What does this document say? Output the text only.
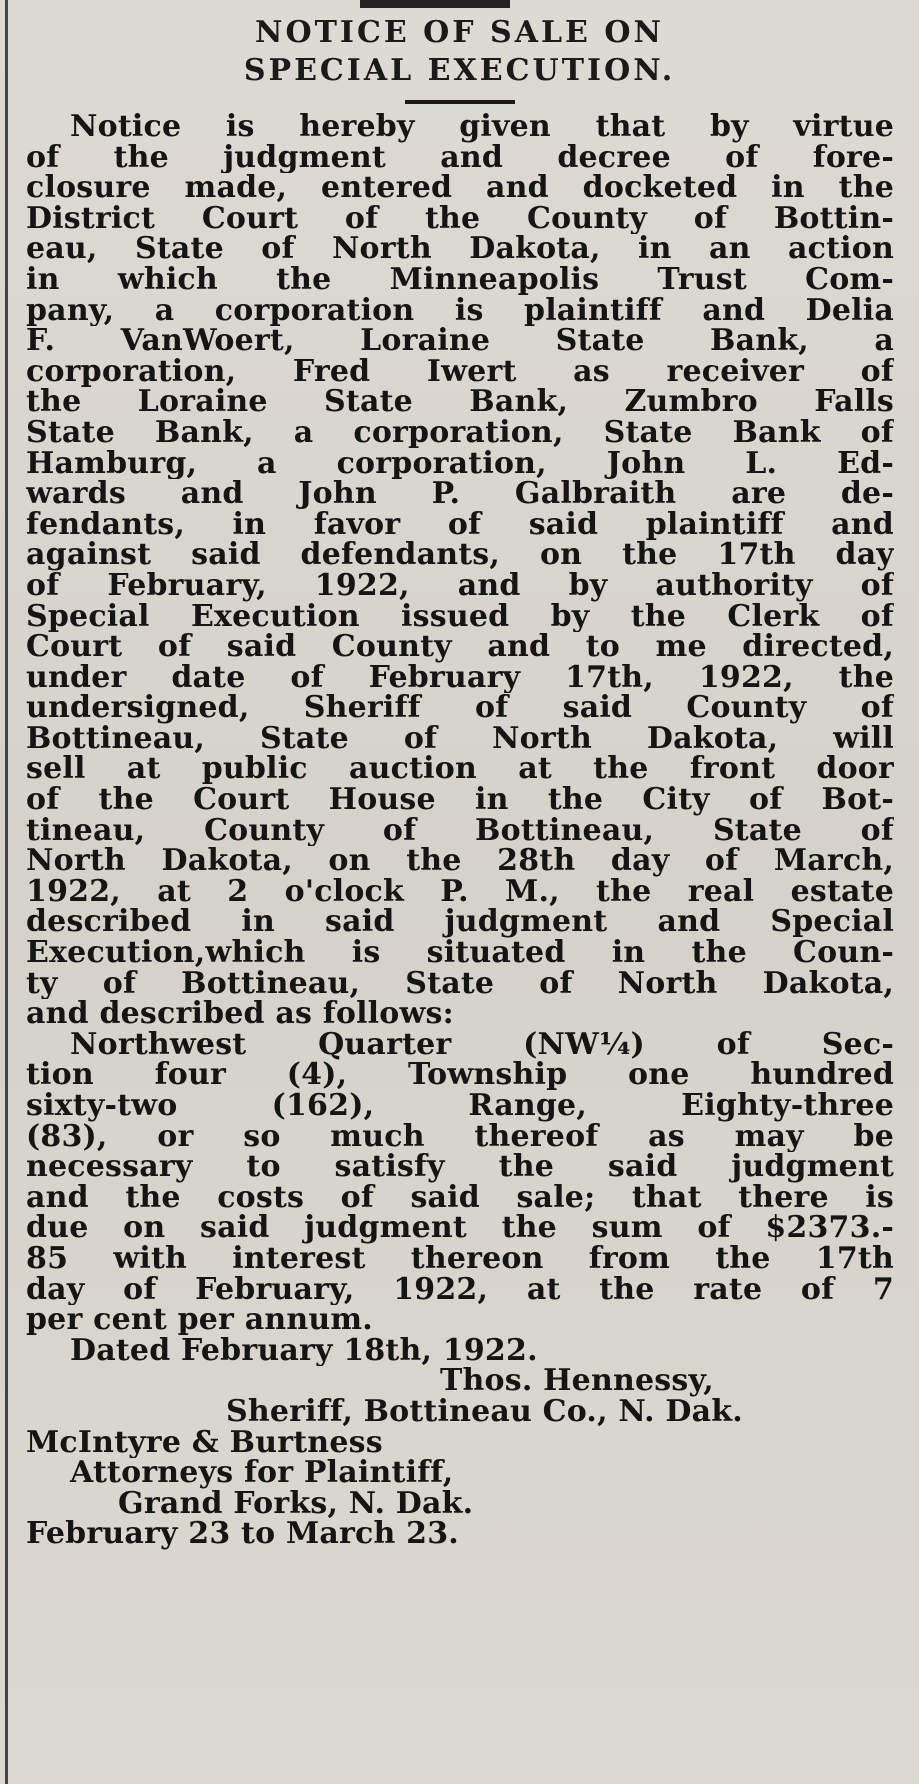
NOTICE OF SALE ON
SPECIAL EXECUTION.
Notice is hereby given that by virtue
of the judgment and decree of fore-
closure made, entered and docketed in the
District Court of the County of Bottin-
eau, State of North Dakota, in an action
in which the Minneapolis Trust Com-
pany, a corporation is plaintiff and Delia
F. VanWoert, Loraine State Bank, a
corporation, Fred Iwert as receiver of
the Loraine State Bank, Zumbro Falls
State Bank, a corporation, State Bank of
Hamburg, a corporation, John L. Ed-
wards and John P. Galbraith are de-
fendants, in favor of said plaintiff and
against said defendants, on the 17th day
of February, 1922, and by authority of
Special Execution issued by the Clerk of
Court of said County and to me directed,
under date of February 17th, 1922, the
undersigned, Sheriff of said County of
Bottineau, State of North Dakota, will
sell at public auction at the front door
of the Court House in the City of Bot-
tineau, County of Bottineau, State of
North Dakota, on the 28th day of March,
1922, at 2 o'clock P. M., the real estate
described in said judgment and Special
Execution,which is situated in the Coun-
ty of Bottineau, State of North Dakota,
and described as follows:
Northwest Quarter (NW¼) of Sec-
tion four (4), Township one hundred
sixty-two (162), Range, Eighty-three
(83), or so much thereof as may be
necessary to satisfy the said judgment
and the costs of said sale; that there is
due on said judgment the sum of $2373.-
85 with interest thereon from the 17th
day of February, 1922, at the rate of 7
per cent per annum.
Dated February 18th, 1922.
Thos. Hennessy,
Sheriff, Bottineau Co., N. Dak.
McIntyre & Burtness
Attorneys for Plaintiff,
Grand Forks, N. Dak.
February 23 to March 23.
